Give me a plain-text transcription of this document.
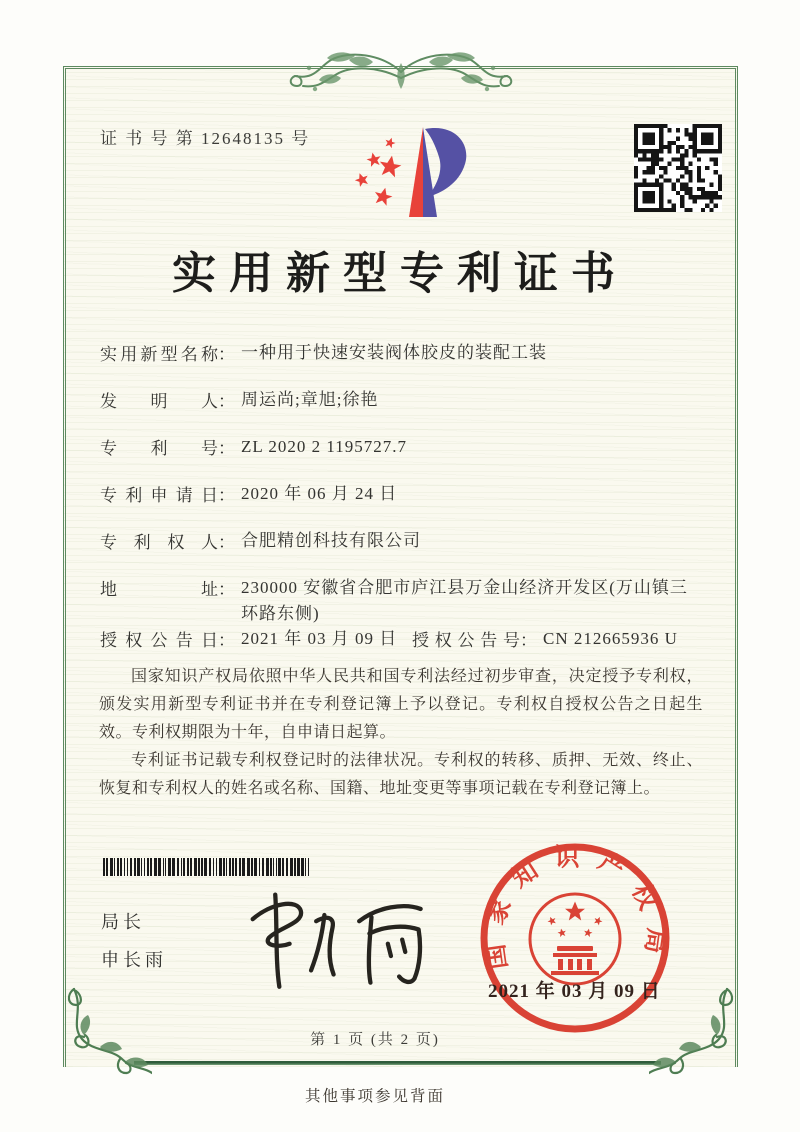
证 书 号 第 12648135 号
实用新型专利证书
实用新型名称： 一种用于快速安装阀体胶皮的装配工装
发明人： 周运尚;章旭;徐艳
专利号： ZL 2020 2 1195727.7
专利申请日： 2020 年 06 月 24 日
专利权人： 合肥精创科技有限公司
地址： 230000 安徽省合肥市庐江县万金山经济开发区(万山镇三环路东侧)
授权公告日： 2021 年 03 月 09 日 授权公告号： CN 212665936 U

国家知识产权局依照中华人民共和国专利法经过初步审查，决定授予专利权，颁发实用新型专利证书并在专利登记簿上予以登记。专利权自授权公告之日起生效。专利权期限为十年，自申请日起算。

专利证书记载专利权登记时的法律状况。专利权的转移、质押、无效、终止、恢复和专利权人的姓名或名称、国籍、地址变更等事项记载在专利登记簿上。

局长
申长雨	国家知识产权局
2021 年 03 月 09 日
第 1 页 (共 2 页)
其他事项参见背面
